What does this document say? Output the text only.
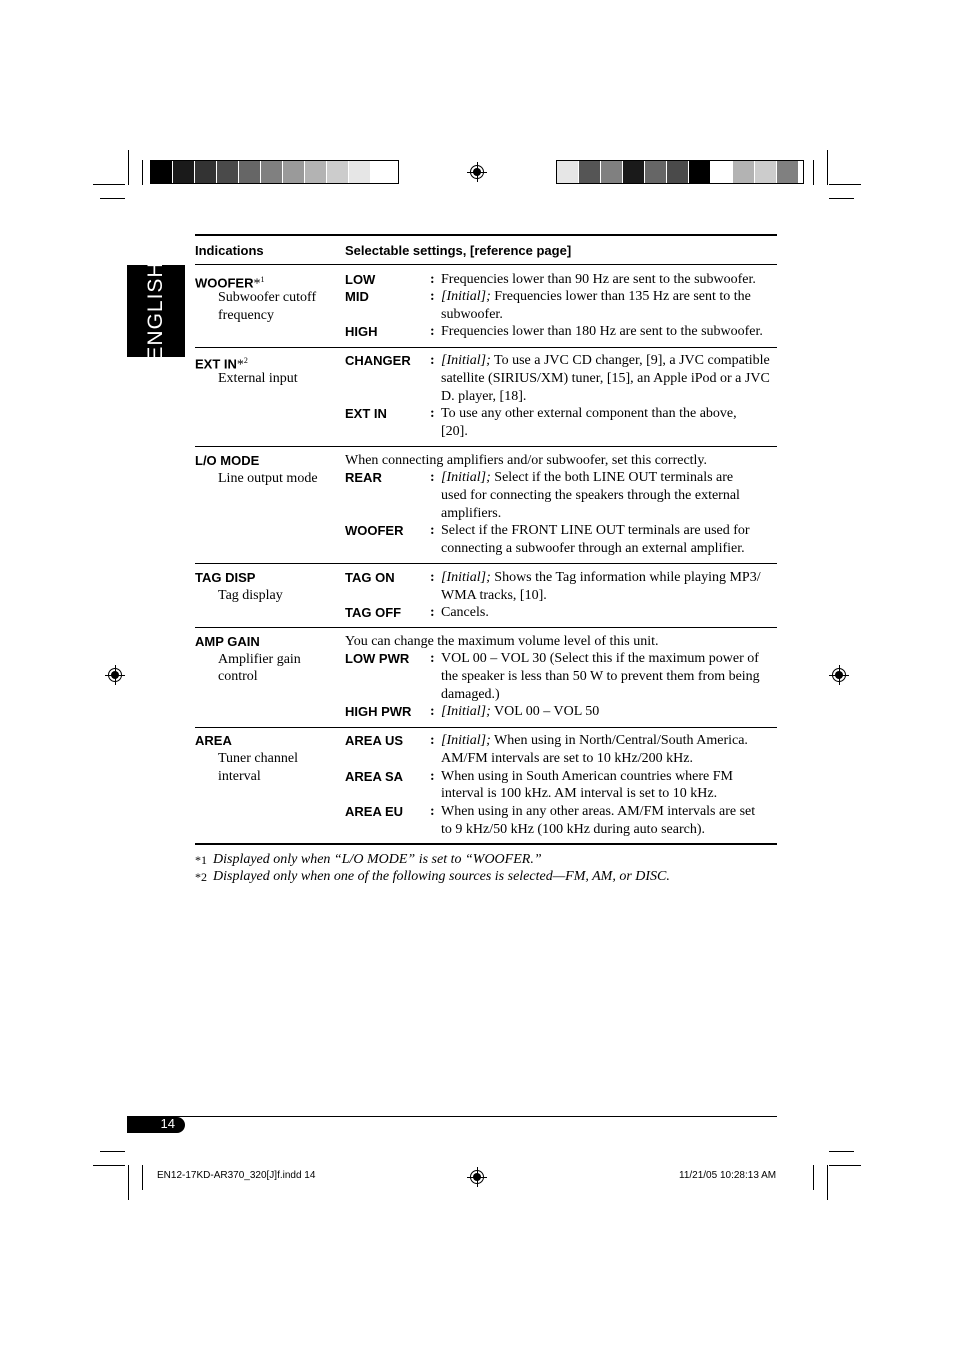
ENGLISH
Indications	Selectable settings, [reference page]
WOOFER*$^1$
Subwoofer cutoff
frequency
LOW	: Frequencies lower than 90 Hz are sent to the subwoofer.
MID	: [Initial]; Frequencies lower than 135 Hz are sent to the
subwoofer.
HIGH	: Frequencies lower than 180 Hz are sent to the subwoofer.
EXT IN*$^2$
External input
CHANGER : [Initial]; To use a JVC CD changer, [9], a JVC compatible
satellite (SIRIUS/XM) tuner, [15], an Apple iPod or a JVC
D. player, [18].
EXT IN	: To use any other external component than the above,
[20].
L/O MODE
Line output mode
When connecting amplifiers and/or subwoofer, set this correctly.
REAR	: [Initial]; Select if the both LINE OUT terminals are
used for connecting the speakers through the external
amplifiers.
WOOFER : Select if the FRONT LINE OUT terminals are used for
connecting a subwoofer through an external amplifier.
TAG DISP
Tag display
TAG ON	: [Initial]; Shows the Tag information while playing MP3/
WMA tracks, [10].
TAG OFF : Cancels.
AMP GAIN
Amplifier gain
control
You can change the maximum volume level of this unit.
LOW PWR : VOL 00 – VOL 30 (Select this if the maximum power of
the speaker is less than 50 W to prevent them from being
damaged.)
HIGH PWR : [Initial]; VOL 00 – VOL 50
AREA
Tuner channel
interval
AREA US : [Initial]; When using in North/Central/South America.
AM/FM intervals are set to 10 kHz/200 kHz.
AREA SA : When using in South American countries where FM
interval is 100 kHz. AM interval is set to 10 kHz.
AREA EU : When using in any other areas. AM/FM intervals are set
to 9 kHz/50 kHz (100 kHz during auto search).
*1 Displayed only when “L/O MODE” is set to “WOOFER.”
*2 Displayed only when one of the following sources is selected—FM, AM, or DISC.
14
EN12-17KD-AR370_320[J]f.indd 14	11/21/05 10:28:13 AM
